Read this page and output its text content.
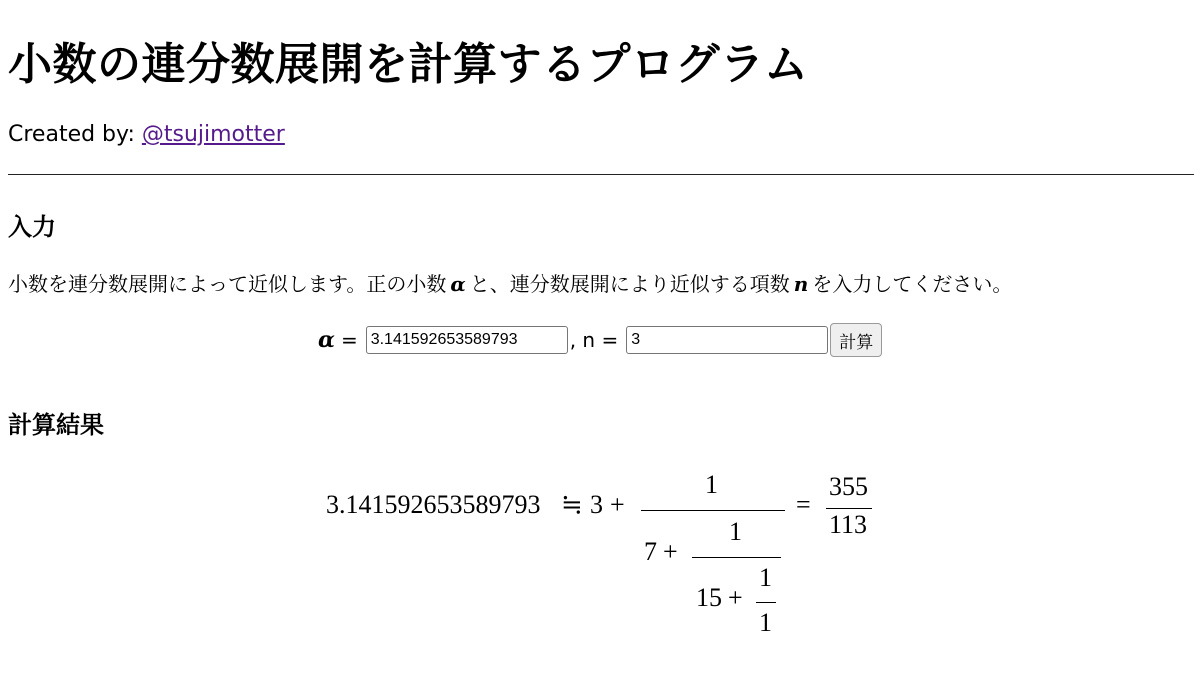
小数の連分数展開を計算するプログラム
Created by: @tsujimotter
入力
小数を連分数展開によって近似します。正の小数 α と、連分数展開により近似する項数 n を入力してください。
α =
3.141592653589793	, n =
3	計算
計算結果
3.141592653589793 ≒ 3 +
1
7 +
1
15 +
1
1
=
355
113
